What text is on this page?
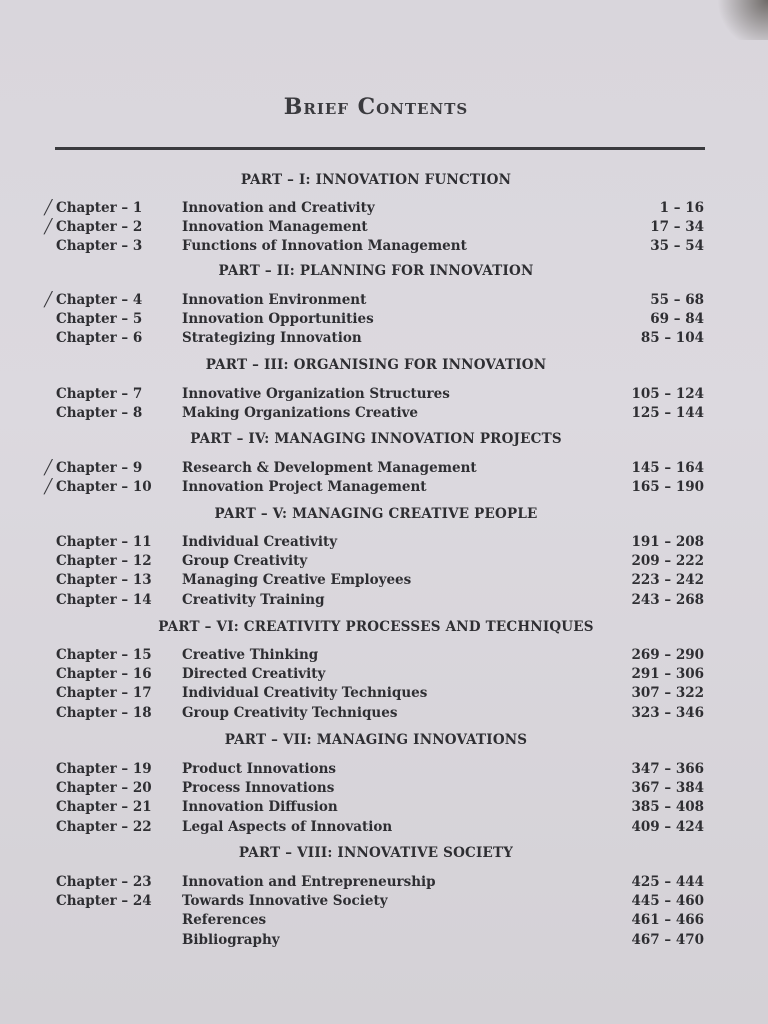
Brief Contents
PART – I: INNOVATION FUNCTION
╱ Chapter – 1	Innovation and Creativity	1 – 16
╱ Chapter – 2	Innovation Management	17 – 34
Chapter – 3	Functions of Innovation Management	35 – 54
PART – II: PLANNING FOR INNOVATION
╱ Chapter – 4	Innovation Environment	55 – 68
Chapter – 5	Innovation Opportunities	69 – 84
Chapter – 6	Strategizing Innovation	85 – 104
PART – III: ORGANISING FOR INNOVATION
Chapter – 7	Innovative Organization Structures	105 – 124
Chapter – 8	Making Organizations Creative	125 – 144
PART – IV: MANAGING INNOVATION PROJECTS
╱ Chapter – 9	Research & Development Management	145 – 164
╱ Chapter – 10 Innovation Project Management	165 – 190
PART – V: MANAGING CREATIVE PEOPLE
Chapter – 11 Individual Creativity	191 – 208
Chapter – 12 Group Creativity	209 – 222
Chapter – 13 Managing Creative Employees	223 – 242
Chapter – 14 Creativity Training	243 – 268
PART – VI: CREATIVITY PROCESSES AND TECHNIQUES
Chapter – 15 Creative Thinking	269 – 290
Chapter – 16 Directed Creativity	291 – 306
Chapter – 17 Individual Creativity Techniques	307 – 322
Chapter – 18 Group Creativity Techniques	323 – 346
PART – VII: MANAGING INNOVATIONS
Chapter – 19 Product Innovations	347 – 366
Chapter – 20 Process Innovations	367 – 384
Chapter – 21 Innovation Diffusion	385 – 408
Chapter – 22 Legal Aspects of Innovation	409 – 424
PART – VIII: INNOVATIVE SOCIETY
Chapter – 23 Innovation and Entrepreneurship	425 – 444
Chapter – 24 Towards Innovative Society	445 – 460
References	461 – 466
Bibliography	467 – 470
